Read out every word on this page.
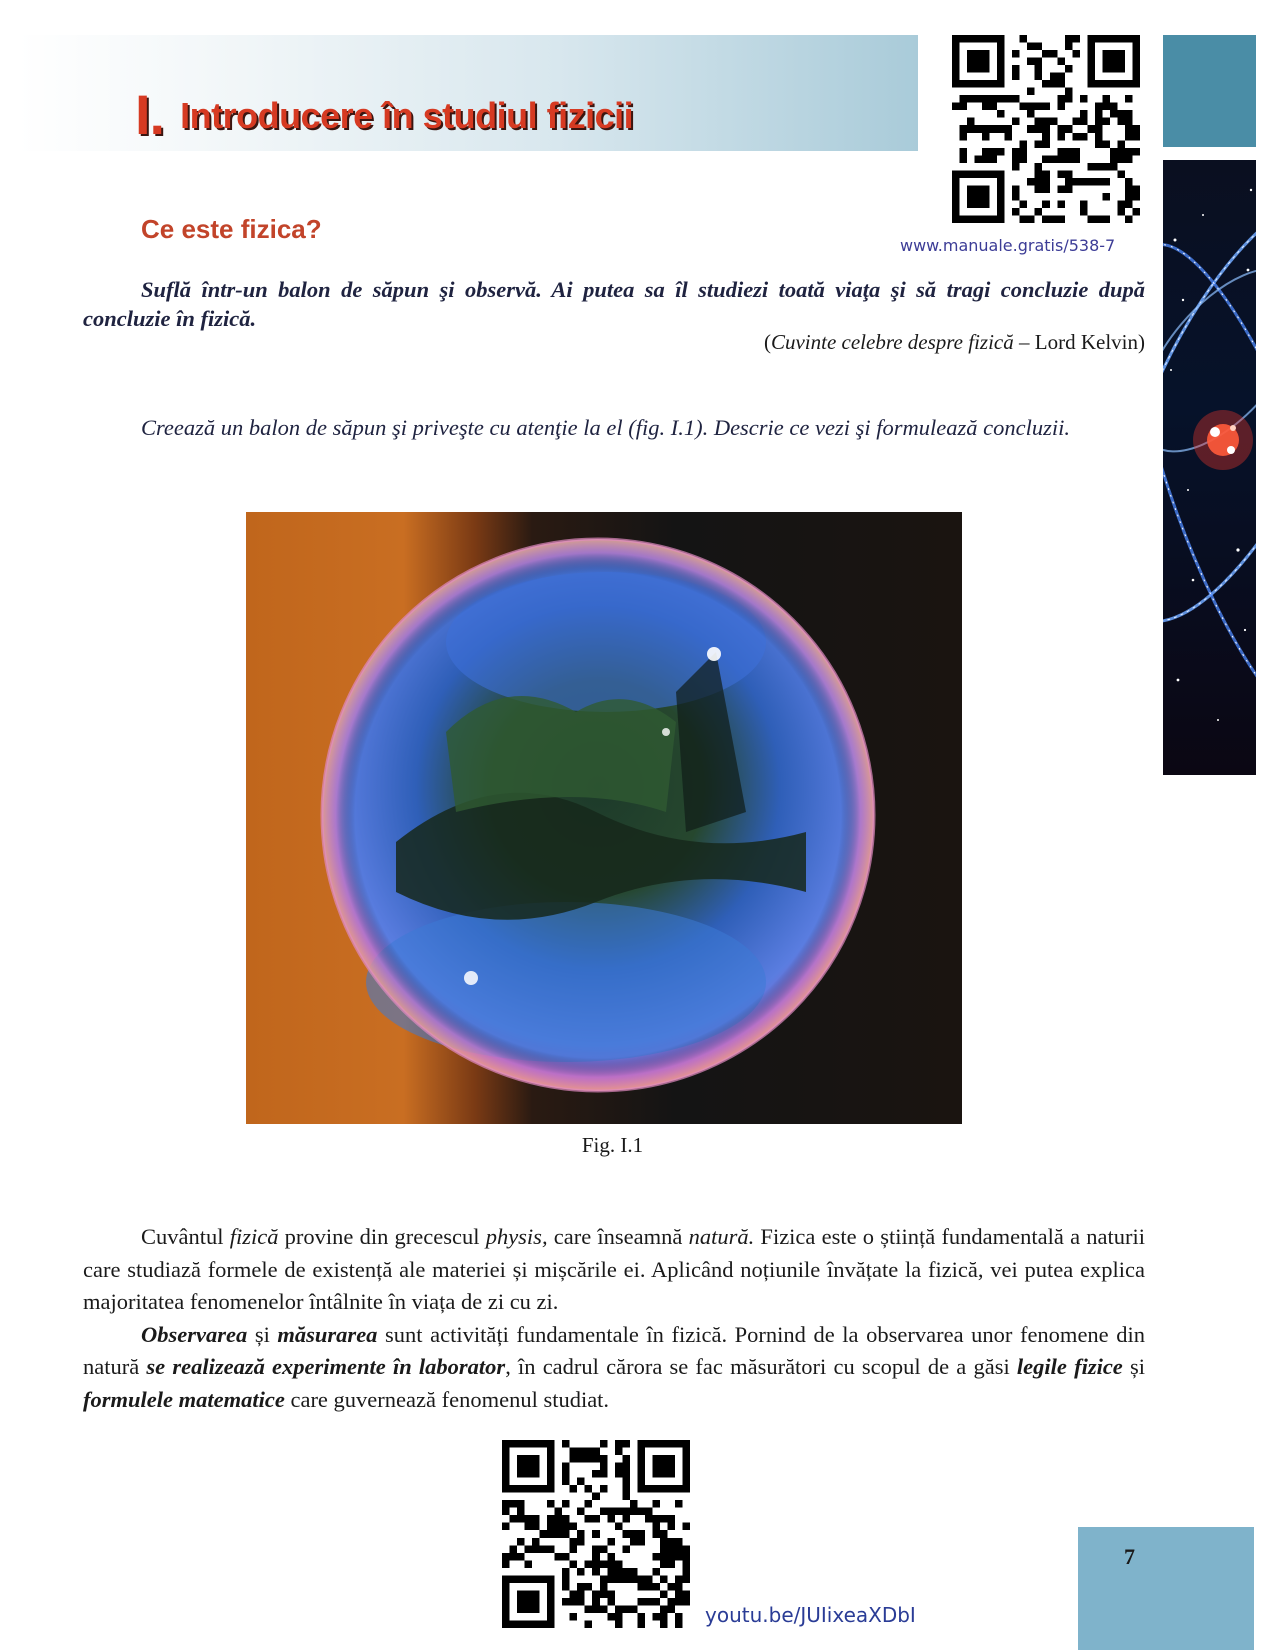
I. Introducere în studiul fizicii
www.manuale.gratis/538-7
Ce este fizica?
Suflă într-un balon de săpun şi observă. Ai putea sa îl studiezi toată viaţa şi să tragi concluzie după concluzie în fizică.
(Cuvinte celebre despre fizică – Lord Kelvin)
Creează un balon de săpun şi priveşte cu atenţie la el (fig. I.1). Descrie ce vezi şi formulează concluzii.
Fig. I.1

Cuvântul fizică provine din grecescul physis, care înseamnă natură. Fizica este o știință fundamentală a naturii care studiază formele de existență ale materiei și mișcările ei. Aplicând noțiunile învățate la fizică, vei putea explica majoritatea fenomenelor întâlnite în viața de zi cu zi.

Observarea și măsurarea sunt activități fundamentale în fizică. Pornind de la observarea unor fenomene din natură se realizează experimente în laborator, în cadrul cărora se fac măsurători cu scopul de a găsi legile fizice și formulele matematice care guvernează fenomenul studiat.

youtu.be/JUIixeaXDbI
7
